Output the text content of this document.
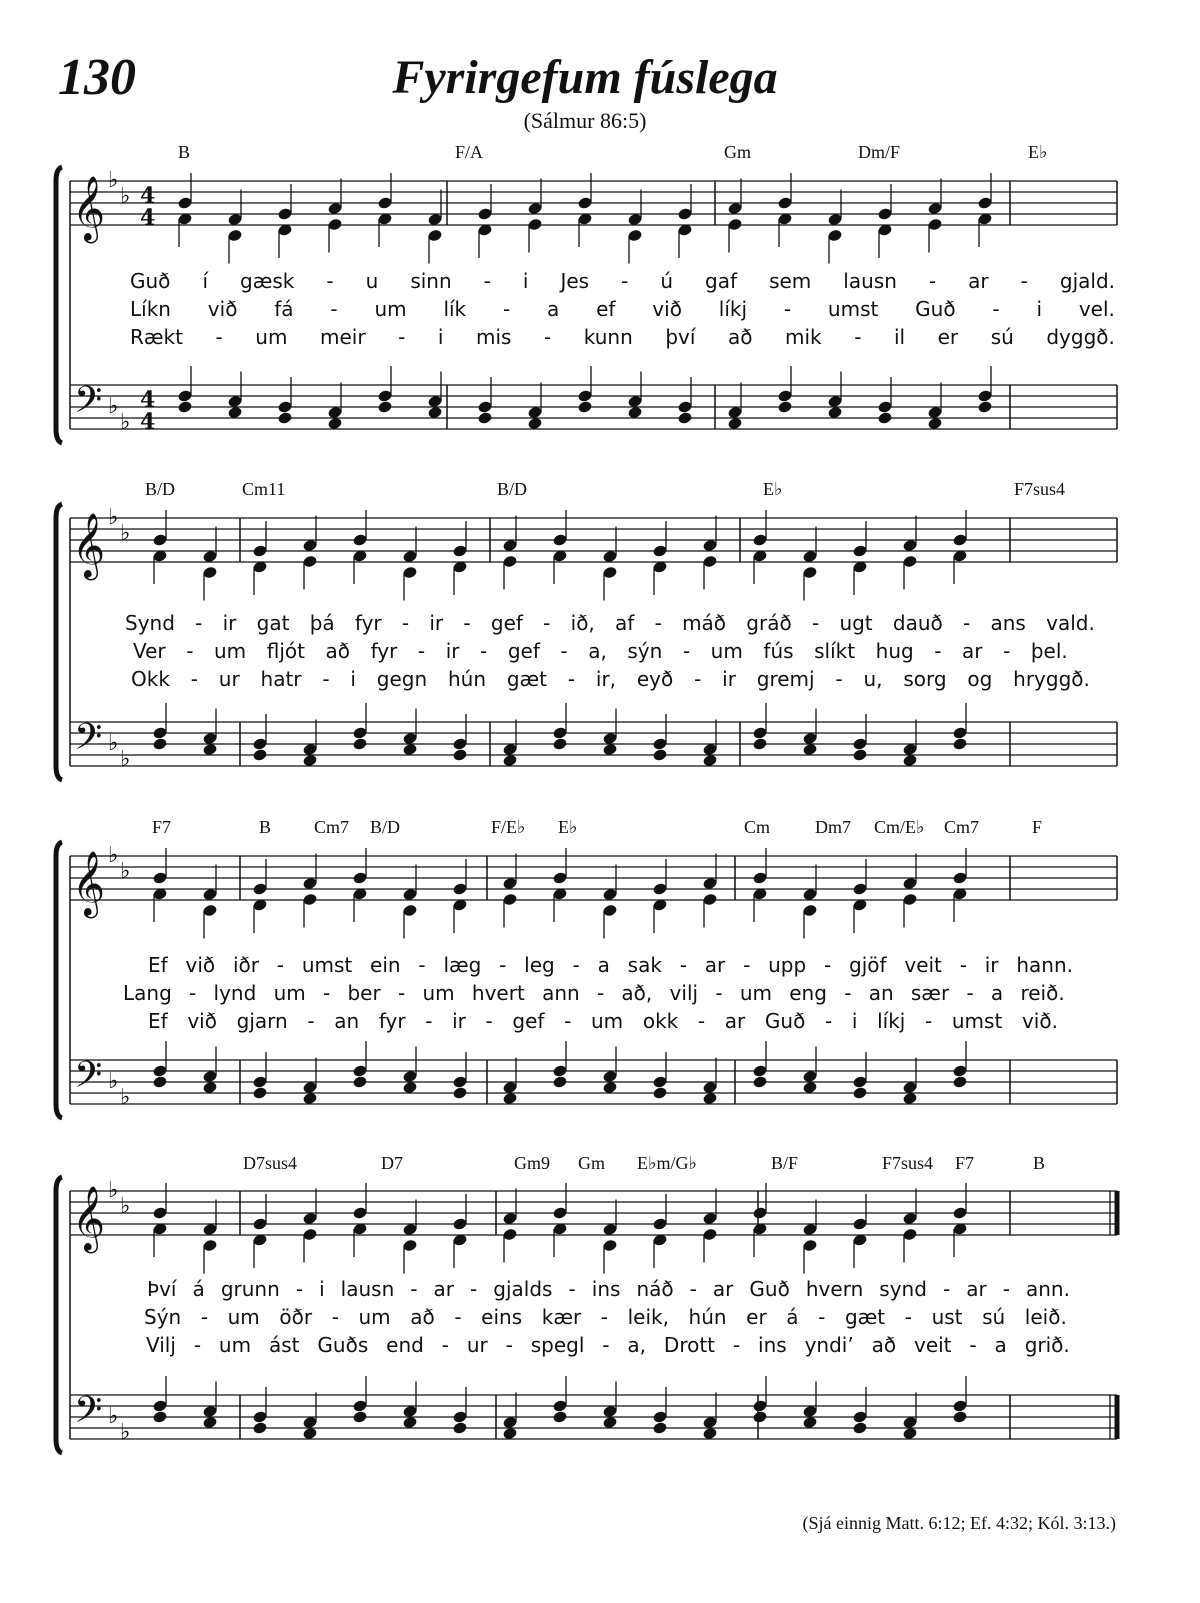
130	Fyrirgefum fúslega
(Sálmur 86:5)
B	F/A	Gm	Dm/F	E♭
Guð í gæsk - u sinn - i Jes - ú gaf sem lausn - ar - gjald.
Líkn við fá - um lík - a ef við líkj - umst Guð - i vel.
Rækt - um meir - i mis - kunn því að mik - il er sú dyggð.
B/D	Cm11	B/D	E♭	F7sus4
Synd - ir gat þá fyr - ir - gef - ið, af - máð gráð - ugt dauð - ans vald.
Ver - um fljót að fyr - ir - gef - a, sýn - um fús slíkt hug - ar - þel.
Okk - ur hatr - i gegn hún gæt - ir, eyð - ir gremj - u, sorg og hryggð.
F7	B Cm7 B/D	F/E♭ E♭	Cm Dm7 Cm/E♭ Cm7	F
Ef við iðr - umst ein - læg - leg - a sak - ar - upp - gjöf veit - ir hann.
Lang - lynd um - ber - um hvert ann - að, vilj - um eng - an sær - a reið.
Ef við gjarn - an fyr - ir - gef - um okk - ar Guð - i líkj - umst við.
D7sus4	D7	Gm9 Gm E♭m/G♭	B/F	F7sus4 F7	B
Því á grunn - i lausn - ar - gjalds - ins náð - ar Guð hvern synd - ar - ann.
Sýn - um öðr - um að - eins kær - leik, hún er á - gæt - ust sú leið.
Vilj - um ást Guðs end - ur - spegl - a, Drott - ins yndi’ að veit - a grið.
𝄞 ♭
♭ 4
4
𝄢 ♭
♭
4
4
𝄞 ♭
♭
𝄢 ♭
♭
𝄞 ♭
♭
𝄢 ♭
♭
𝄞 ♭
♭
𝄢 ♭
♭
(Sjá einnig Matt. 6:12; Ef. 4:32; Kól. 3:13.)
